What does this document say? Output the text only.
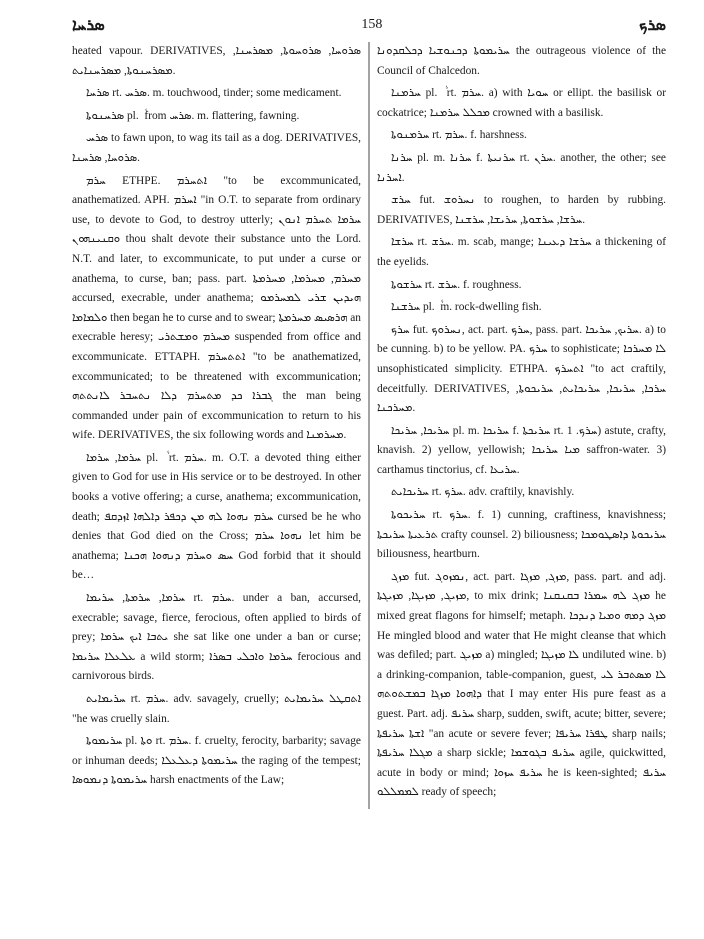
ܣܪܚܐ	158	ܣܪܟ

heated vapour. DERIVATIVES, ܣܪܘܚܐ, ܣܪܘܚܘܬܐ, ܡܣܪܚܢܐ, ܡܣܪܚܢܘܬܐ, ܡܣܪܚܢܐܝܬ.

ܣܪܚܐ rt. ܣܪܚ. m. touchwood, tinder; some medicament.

ܣܪܚܢܘܬܐ pl. ܵ from ܣܪܚ. m. flattering, fawning.

ܣܪܚ to fawn upon, to wag its tail as a dog. DERIVATIVES, ܣܪܘܚܐ, ܣܪܚܢܐ.

ܚܪܡ ETHPE. ܐܬܚܪܡ "to be excommunicated, anathematized. APH. ܐܚܪܡ "in O.T. to separate from ordinary use, to devote to God, to destroy utterly; ܚܪܡܐ ܬܚܪܡ ܐܢܘܢ ܘܩܢܝܢܗܘܢ thou shalt devote their substance unto the Lord. N.T. and later, to excommunicate, to put under a curse or anathema, to curse, ban; pass. part. ܡܚܪܡ, ܡܚܪܡܐ, ܡܚܪܡܬܐ accursed, execrable, under anathema; ܗܝܕܝܢ ܫܪܝ ܠܡܚܪܡܘ ܘܠܡܐܡܐ then began he to curse and to swear; ܗܪܣܝܣ ܡܚܪܡܬܐ an execrable heresy; ܡܚܪܡ ܘܡܫܬܪܝ suspended from office and excommunicate. ETTAPH. ܐܬܬܚܪܡ "to be anathematized, excommunicated; to be threatened with excommunication; ܓܒܪܐ ܟܕ ܡܬܚܪܡ ܕܠܐ ܢܬܚܒܪ ܠܐܢܬܬܗ the man being commanded under pain of excommunication to return to his wife. DERIVATIVES, the six following words and ܡܚܪܡܢܐ.

ܚܪܡܐ, ܚܪܡܐ pl. ܵ rt. ܚܪܡ. m. O.T. a devoted thing either given to God for use in His service or to be destroyed. In other books a votive offering; a curse, anathema; excommunication, death; ܚܪܡ ܢܗܘܐ ܠܗ ܡܢ ܕܟܦܪ ܕܐܠܗܐ ܐܙܕܩܦ cursed be he who denies that God died on the Cross; ܢܗܘܐ ܚܪܡ let him be anathema; ܚܣ ܘܚܪܡ ܕܢܗܘܐ ܗܟܢܐ God forbid that it should be…

ܚܪܡܐ, ܚܪܡܬܐ, ܚܪܝܡܐ rt. ܚܪܡ. under a ban, accursed, execrable; savage, fierce, ferocious, often applied to birds of prey; ܝܬܒܐ ܐܝܟ ܚܪܡܐ she sat like one under a ban or curse; ܥܠܥܠܐ ܚܪܝܡܐ a wild storm; ܚܪܡܐ ܘܐܟܠܝ ܒܣܪܐ ferocious and carnivorous birds.

ܚܪܝܡܐܝܬ rt. ܚܪܡ. adv. savagely, cruelly; ܐܬܩܛܠ ܚܪܝܡܐܝܬ "he was cruelly slain.

ܚܪܝܡܘܬܐ pl. ܘܬܐ rt. ܚܪܡ. f. cruelty, ferocity, barbarity; savage or inhuman deeds; ܚܪܝܡܘܬܐ ܕܥܠܥܠܐ the raging of the tempest; ܚܪܝܡܘܬܐ ܕܢܡܘܣܐ harsh enactments of the Law;

ܚܪܝܡܘܬܐ ܕܟܢܘܫܝܐ ܕܟܠܩܕܘܢܐ the outrageous violence of the Council of Chalcedon.

ܚܪܡܢܐ pl. ܵ rt. ܚܪܡ. a) with ܚܘܝܐ or ellipt. the basilisk or cockatrice; ܡܟܠܠ ܚܪܡܢܐ crowned with a basilisk.

ܚܪܡܢܘܬܐ rt. ܚܪܡ. f. harshness.

ܚܪܢܐ pl. m. ܚܪܢܐ f. ܚܪܢܝܬܐ rt. ܚܪܢ. another, the other; see ܐܚܪܢܐ.

ܚܪܫ fut. ܢܚܪܘܫ to roughen, to harden by rubbing. DERIVATIVES, ܚܪܫܐ, ܚܪܫܘܬܐ, ܚܪܝܫܐ, ܚܪܫܢܐ.

ܚܪܫܐ rt. ܚܪܫ. m. scab, mange; ܚܪܫܐ ܕܥܝܢܐ a thickening of the eyelids.

ܚܪܫܘܬܐ rt. ܚܪܫ. f. roughness.

ܚܪܫܢܐ pl. ܵ m. rock-dwelling fish.

ܚܪܟ fut. ܢܚܪܘܟ, act. part. ܚܪܟ, pass. part. ܚܪܝܟ, ܚܪܝܟܐ. a) to be cunning. b) to be yellow. PA. ܚܪܟ to sophisticate; ܠܐ ܡܚܪܟܐ unsophisticated simplicity. ETHPA. ܐܬܚܪܟ "to act craftily, deceitfully. DERIVATIVES, ܚܪܟܐ, ܚܪܝܟܐ, ܚܪܝܟܐܝܬ, ܚܪܝܟܘܬܐ, ܡܚܪܟܢܐ.

ܚܪܝܟܐ, ܚܪܝܟܐ pl. m. ܚܪܝܟܐ f. ܚܪܝܟܬܐ rt. ܚܪܟ. 1) astute, crafty, knavish. 2) yellow, yellowish; ܡܝܐ ܚܪܝܟܐ saffron-water. 3) carthamus tinctorius, cf. ܚܪܝܥܐ.

ܚܪܝܟܐܝܬ rt. ܚܪܟ. adv. craftily, knavishly.

ܚܪܝܟܘܬܐ rt. ܚܪܟ. f. 1) cunning, craftiness, knavishness; ܬܪܥܝܬܐ ܚܪܝܟܬܐ crafty counsel. 2) biliousness; ܚܪܝܟܘܬܐ ܕܐܣܛܘܡܟܐ biliousness, heartburn.

ܡܙܓ fut. ܢܡܙܘܓ, act. part. ܡܙܓ, ܡܙܓܐ, pass. part. and adj. ܡܙܝܓ, ܡܙܝܓܐ, ܡܙܝܓܬܐ, to mix drink; ܡܙܓ ܠܗ ܚܡܪܐ ܒܩܢܩܢܐ he mixed great flagons for himself; metaph. ܡܙܓ ܕܡܗ ܘܡܝܐ ܕܢܕܟܐ He mingled blood and water that He might cleanse that which was defiled; part. ܡܙܝܓ a) mingled; ܠܐ ܡܙܝܓܐ undiluted wine. b) a drinking-companion, table-companion, guest, ܠܐ ܡܣܬܒܪ ܠܝ ܕܐܗܘܐ ܡܙܓܐ ܒܡܫܬܘܬܗ that I may enter His pure feast as a guest. Part. adj. ܚܪܝܦ sharp, sudden, swift, acute; bitter, severe; ܐܫܬܐ ܚܪܝܦܬܐ "an acute or severe fever; ܛܦܪܐ ܚܪܝܦܐ sharp nails; ܡܓܠܐ ܚܪܝܦܬܐ a sharp sickle; ܚܪܝܦ ܒܓܘܫܡܐ agile, quickwitted, acute in body or mind; ܚܪܝܦ ܚܙܘܐ he is keen-sighted; ܚܪܝܦ ܠܡܡܠܠܘ ready of speech;
